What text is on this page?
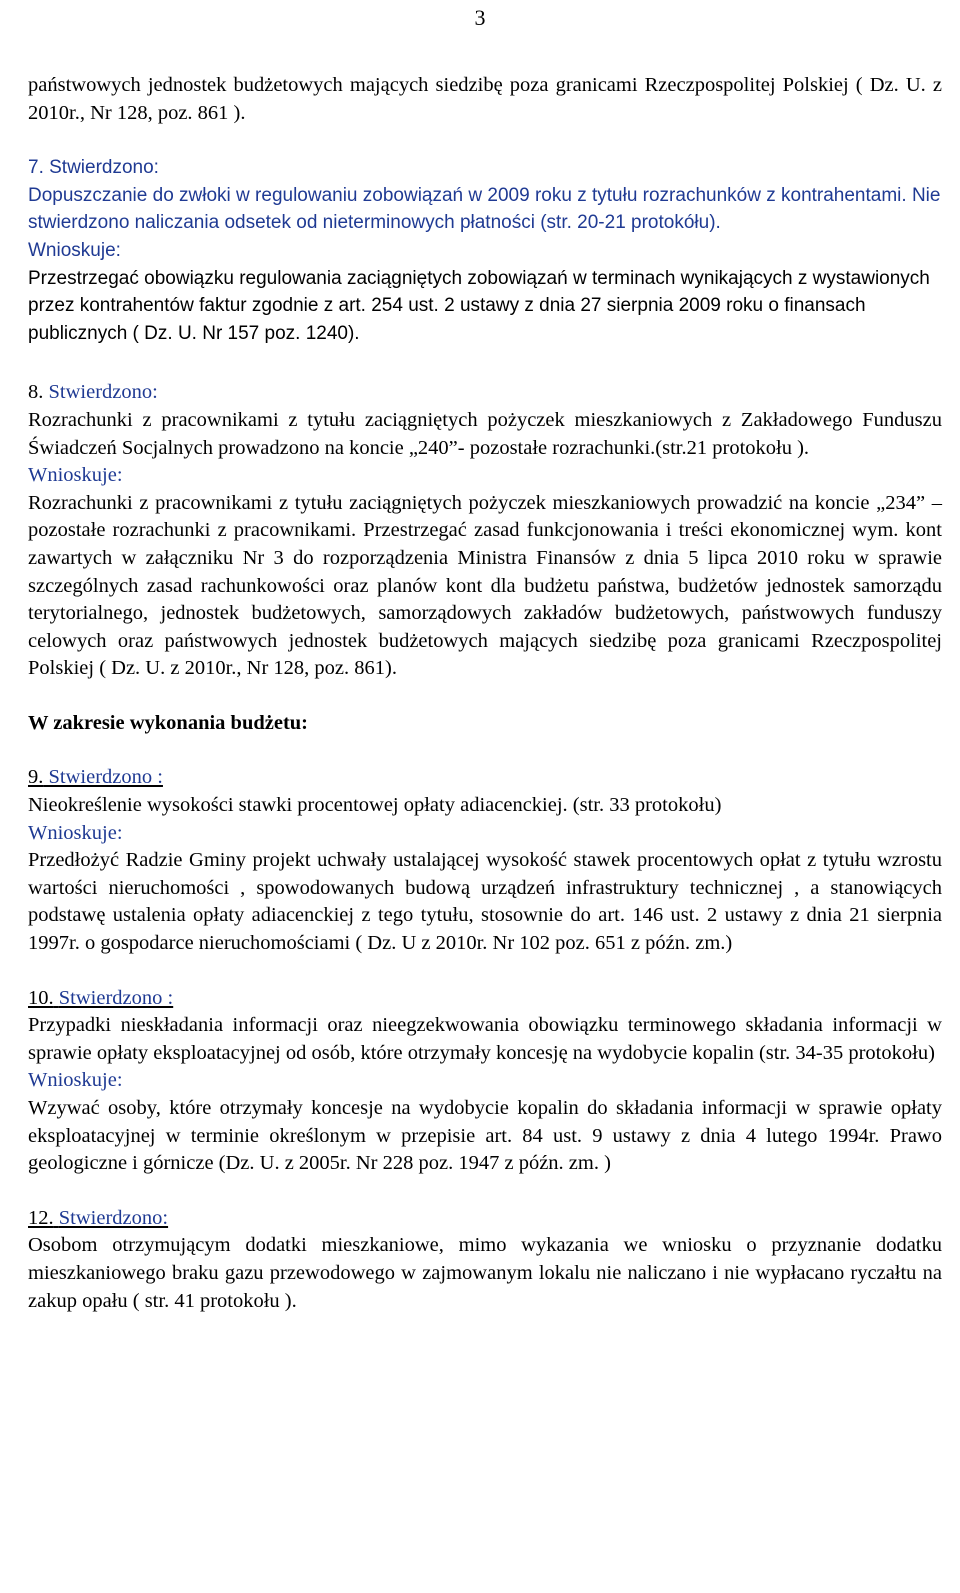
3

państwowych jednostek budżetowych mających siedzibę poza granicami Rzeczpospolitej Polskiej ( Dz. U. z 2010r., Nr 128, poz. 861 ).

7. Stwierdzono:

Dopuszczanie do zwłoki w regulowaniu zobowiązań w 2009 roku z tytułu rozrachunków z kontrahentami. Nie stwierdzono naliczania odsetek od nieterminowych płatności (str. 20-21 protokółu).

Wnioskuje:

Przestrzegać obowiązku regulowania zaciągniętych zobowiązań w terminach wynikających z wystawionych przez kontrahentów faktur zgodnie z art. 254 ust. 2 ustawy z dnia 27 sierpnia 2009 roku o finansach publicznych ( Dz. U. Nr 157 poz. 1240).

8. Stwierdzono:

Rozrachunki z pracownikami z tytułu zaciągniętych pożyczek mieszkaniowych z Zakładowego Funduszu Świadczeń Socjalnych prowadzono na koncie „240”- pozostałe rozrachunki.(str.21 protokołu ).

Wnioskuje:

Rozrachunki z pracownikami z tytułu zaciągniętych pożyczek mieszkaniowych prowadzić na koncie „234” – pozostałe rozrachunki z pracownikami. Przestrzegać zasad funkcjonowania i treści ekonomicznej wym. kont zawartych w załączniku Nr 3 do rozporządzenia Ministra Finansów z dnia 5 lipca 2010 roku w sprawie szczególnych zasad rachunkowości oraz planów kont dla budżetu państwa, budżetów jednostek samorządu terytorialnego, jednostek budżetowych, samorządowych zakładów budżetowych, państwowych funduszy celowych oraz państwowych jednostek budżetowych mających siedzibę poza granicami Rzeczpospolitej Polskiej ( Dz. U. z 2010r., Nr 128, poz. 861).

W zakresie wykonania budżetu:

9. Stwierdzono :

Nieokreślenie wysokości stawki procentowej opłaty adiacenckiej. (str. 33 protokołu)

Wnioskuje:

Przedłożyć Radzie Gminy projekt uchwały ustalającej wysokość stawek procentowych opłat z tytułu wzrostu wartości nieruchomości , spowodowanych budową urządzeń infrastruktury technicznej , a stanowiących podstawę ustalenia opłaty adiacenckiej z tego tytułu, stosownie do art. 146 ust. 2 ustawy z dnia 21 sierpnia 1997r. o gospodarce nieruchomościami ( Dz. U z 2010r. Nr 102 poz. 651 z późn. zm.)

10. Stwierdzono :

Przypadki nieskładania informacji oraz nieegzekwowania obowiązku terminowego składania informacji w sprawie opłaty eksploatacyjnej od osób, które otrzymały koncesję na wydobycie kopalin (str. 34-35 protokołu)

Wnioskuje:

Wzywać osoby, które otrzymały koncesje na wydobycie kopalin do składania informacji w sprawie opłaty eksploatacyjnej w terminie określonym w przepisie art. 84 ust. 9 ustawy z dnia 4 lutego 1994r. Prawo geologiczne i górnicze (Dz. U. z 2005r. Nr 228 poz. 1947 z późn. zm. )

12. Stwierdzono:

Osobom otrzymującym dodatki mieszkaniowe, mimo wykazania we wniosku o przyznanie dodatku mieszkaniowego braku gazu przewodowego w zajmowanym lokalu nie naliczano i nie wypłacano ryczałtu na zakup opału ( str. 41 protokołu ).
